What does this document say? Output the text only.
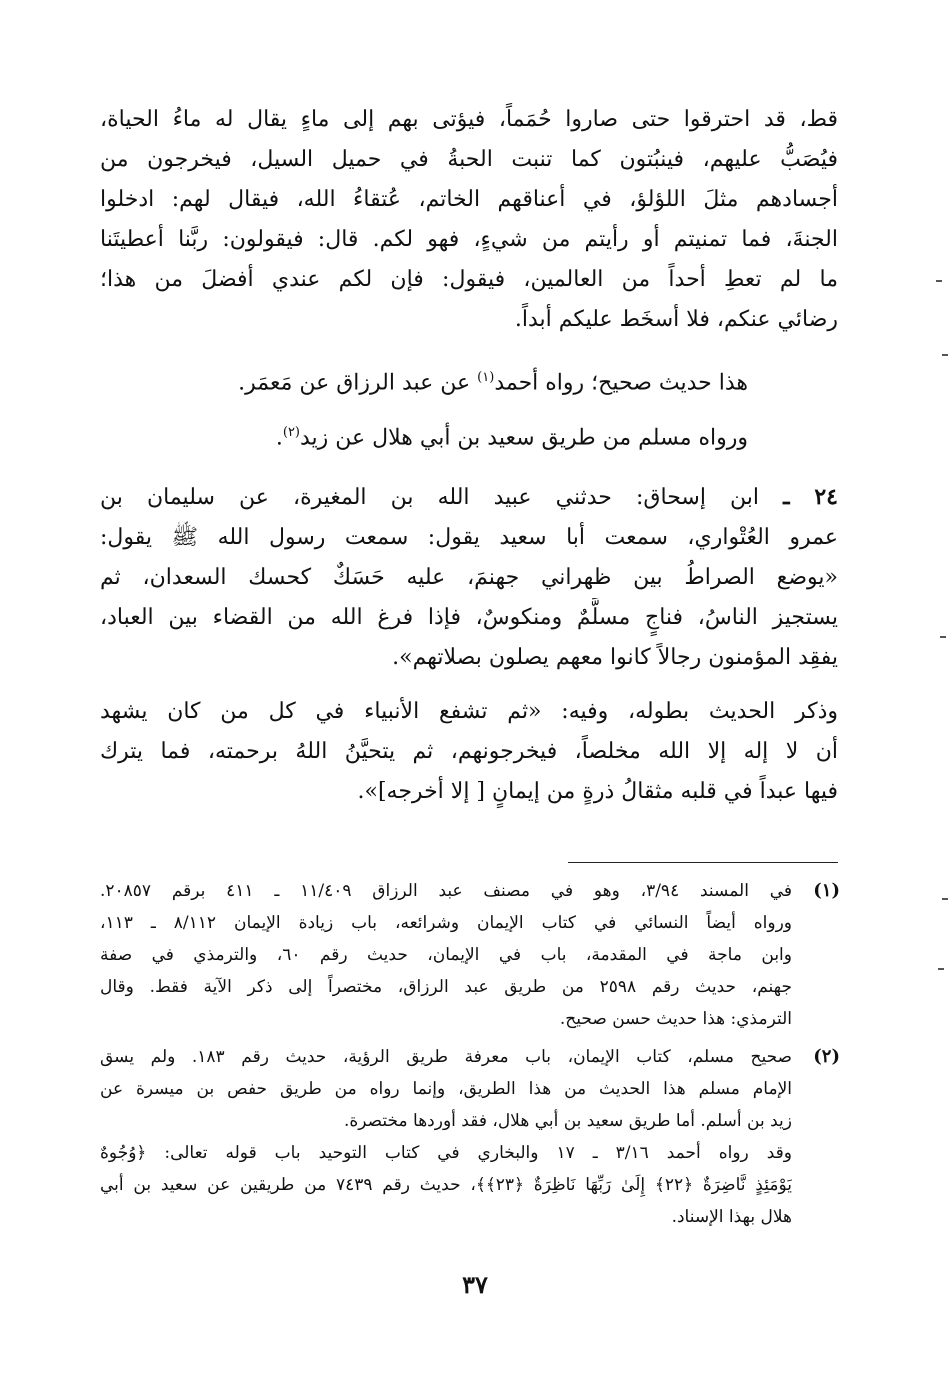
قط، قد احترقوا حتى صاروا حُمَماً، فيؤتى بهم إلى ماءٍ يقال له ماءُ الحياة،

فيُصَبُّ عليهم، فينبُتون كما تنبت الحبةُ في حميل السيل، فيخرجون من

أجسادهم مثلَ اللؤلؤ، في أعناقهم الخاتم، عُتقاءُ الله، فيقال لهم: ادخلوا

الجنةَ، فما تمنيتم أو رأيتم من شيءٍ، فهو لكم. قال: فيقولون: ربَّنا أعطيتَنا

ما لم تعطِ أحداً من العالمين، فيقول: فإن لكم عندي أفضلَ من هذا؛

رضائي عنكم، فلا أسخَط عليكم أبداً.

هذا حديث صحيح؛ رواه أحمد$^{(١)}$ عن عبد الرزاق عن مَعمَر.

ورواه مسلم من طريق سعيد بن أبي هلال عن زيد$^{(٢)}$.

٢٤ ـ ابن إسحاق: حدثني عبيد الله بن المغيرة، عن سليمان بن

عمرو العُتْواري، سمعت أبا سعيد يقول: سمعت رسول الله ﷺ يقول:

«يوضع الصراطُ بين ظهراني جهنمَ، عليه حَسَكٌ كحسك السعدان، ثم

يستجيز الناسُ، فناجٍ مسلَّمٌ ومنكوسٌ، فإذا فرغ الله من القضاء بين العباد،

يفقِد المؤمنون رجالاً كانوا معهم يصلون بصلاتهم».

وذكر الحديث بطوله، وفيه: «ثم تشفع الأنبياء في كل من كان يشهد

أن لا إله إلا الله مخلصاً، فيخرجونهم، ثم يتحيَّنُ اللهُ برحمته، فما يترك

فيها عبداً في قلبه مثقالُ ذرةٍ من إيمانٍ [ إلا أخرجه]».

(١)

في المسند ٣/٩٤، وهو في مصنف عبد الرزاق ١١/٤٠٩ ـ ٤١١ برقم ٢٠٨٥٧.

ورواه أيضاً النسائي في كتاب الإيمان وشرائعه، باب زيادة الإيمان ٨/١١٢ ـ ١١٣،

وابن ماجة في المقدمة، باب في الإيمان، حديث رقم ٦٠، والترمذي في صفة

جهنم، حديث رقم ٢٥٩٨ من طريق عبد الرزاق، مختصراً إلى ذكر الآية فقط. وقال

الترمذي: هذا حديث حسن صحيح.

(٢)

صحيح مسلم، كتاب الإيمان، باب معرفة طريق الرؤية، حديث رقم ١٨٣. ولم يسق

الإمام مسلم هذا الحديث من هذا الطريق، وإنما رواه من طريق حفص بن ميسرة عن

زيد بن أسلم. أما طريق سعيد بن أبي هلال، فقد أوردها مختصرة.

وقد رواه أحمد ٣/١٦ ـ ١٧ والبخاري في كتاب التوحيد باب قوله تعالى: ﴿وُجُوهٌ

يَوْمَئِذٍ نَّاضِرَةٌ ﴿٢٢﴾ إِلَىٰ رَبِّهَا نَاظِرَةٌ ﴿٢٣﴾﴾، حديث رقم ٧٤٣٩ من طريقين عن سعيد بن أبي

هلال بهذا الإسناد.

٣٧
